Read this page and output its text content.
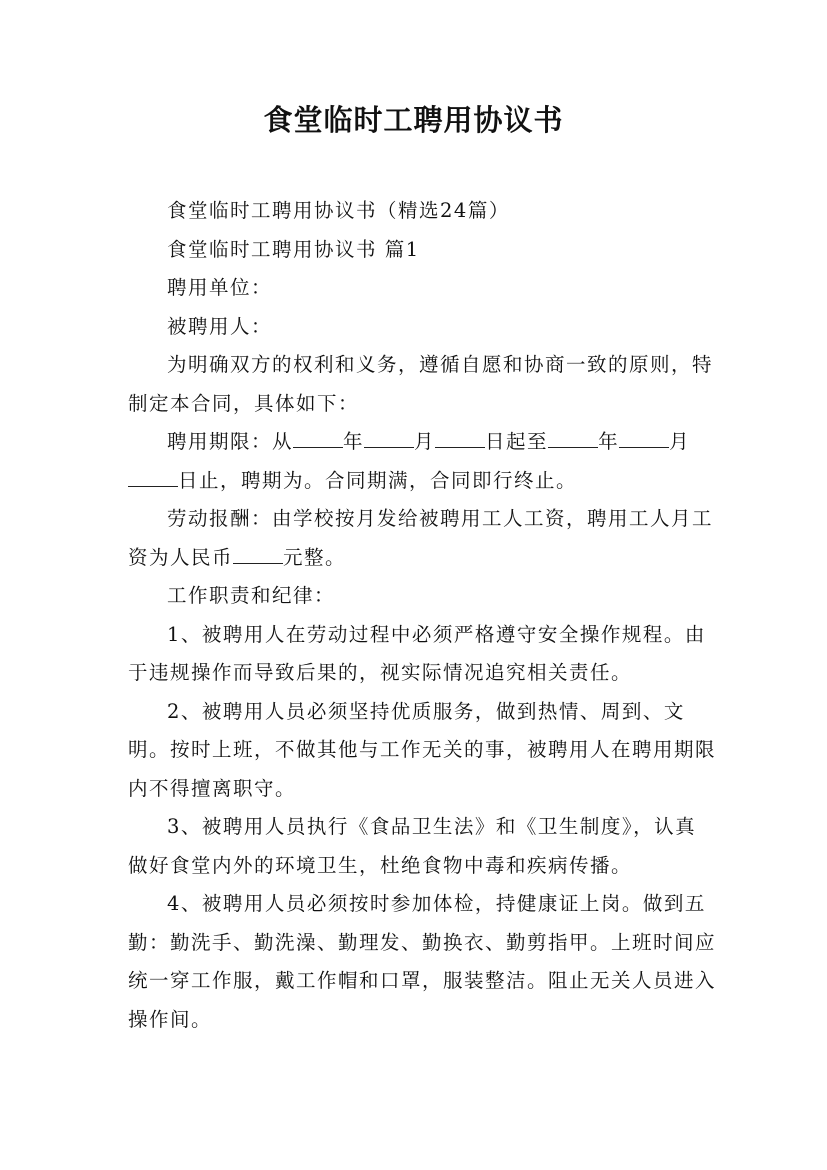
食堂临时工聘用协议书

食堂临时工聘用协议书（精选24篇）

食堂临时工聘用协议书 篇1

聘用单位：

被聘用人：

为明确双方的权利和义务，遵循自愿和协商一致的原则，特制定本合同，具体如下：

聘用期限：从	年	月	日起至	年	月日止，聘期为。合同期满，合同即行终止。

劳动报酬：由学校按月发给被聘用工人工资，聘用工人月工资为人民币	元整。

工作职责和纪律：

1、被聘用人在劳动过程中必须严格遵守安全操作规程。由于违规操作而导致后果的，视实际情况追究相关责任。

2、被聘用人员必须坚持优质服务，做到热情、周到、文明。按时上班，不做其他与工作无关的事，被聘用人在聘用期限内不得擅离职守。

3、被聘用人员执行《食品卫生法》和《卫生制度》，认真做好食堂内外的环境卫生，杜绝食物中毒和疾病传播。

4、被聘用人员必须按时参加体检，持健康证上岗。做到五勤：勤洗手、勤洗澡、勤理发、勤换衣、勤剪指甲。上班时间应统一穿工作服，戴工作帽和口罩，服装整洁。阻止无关人员进入操作间。
